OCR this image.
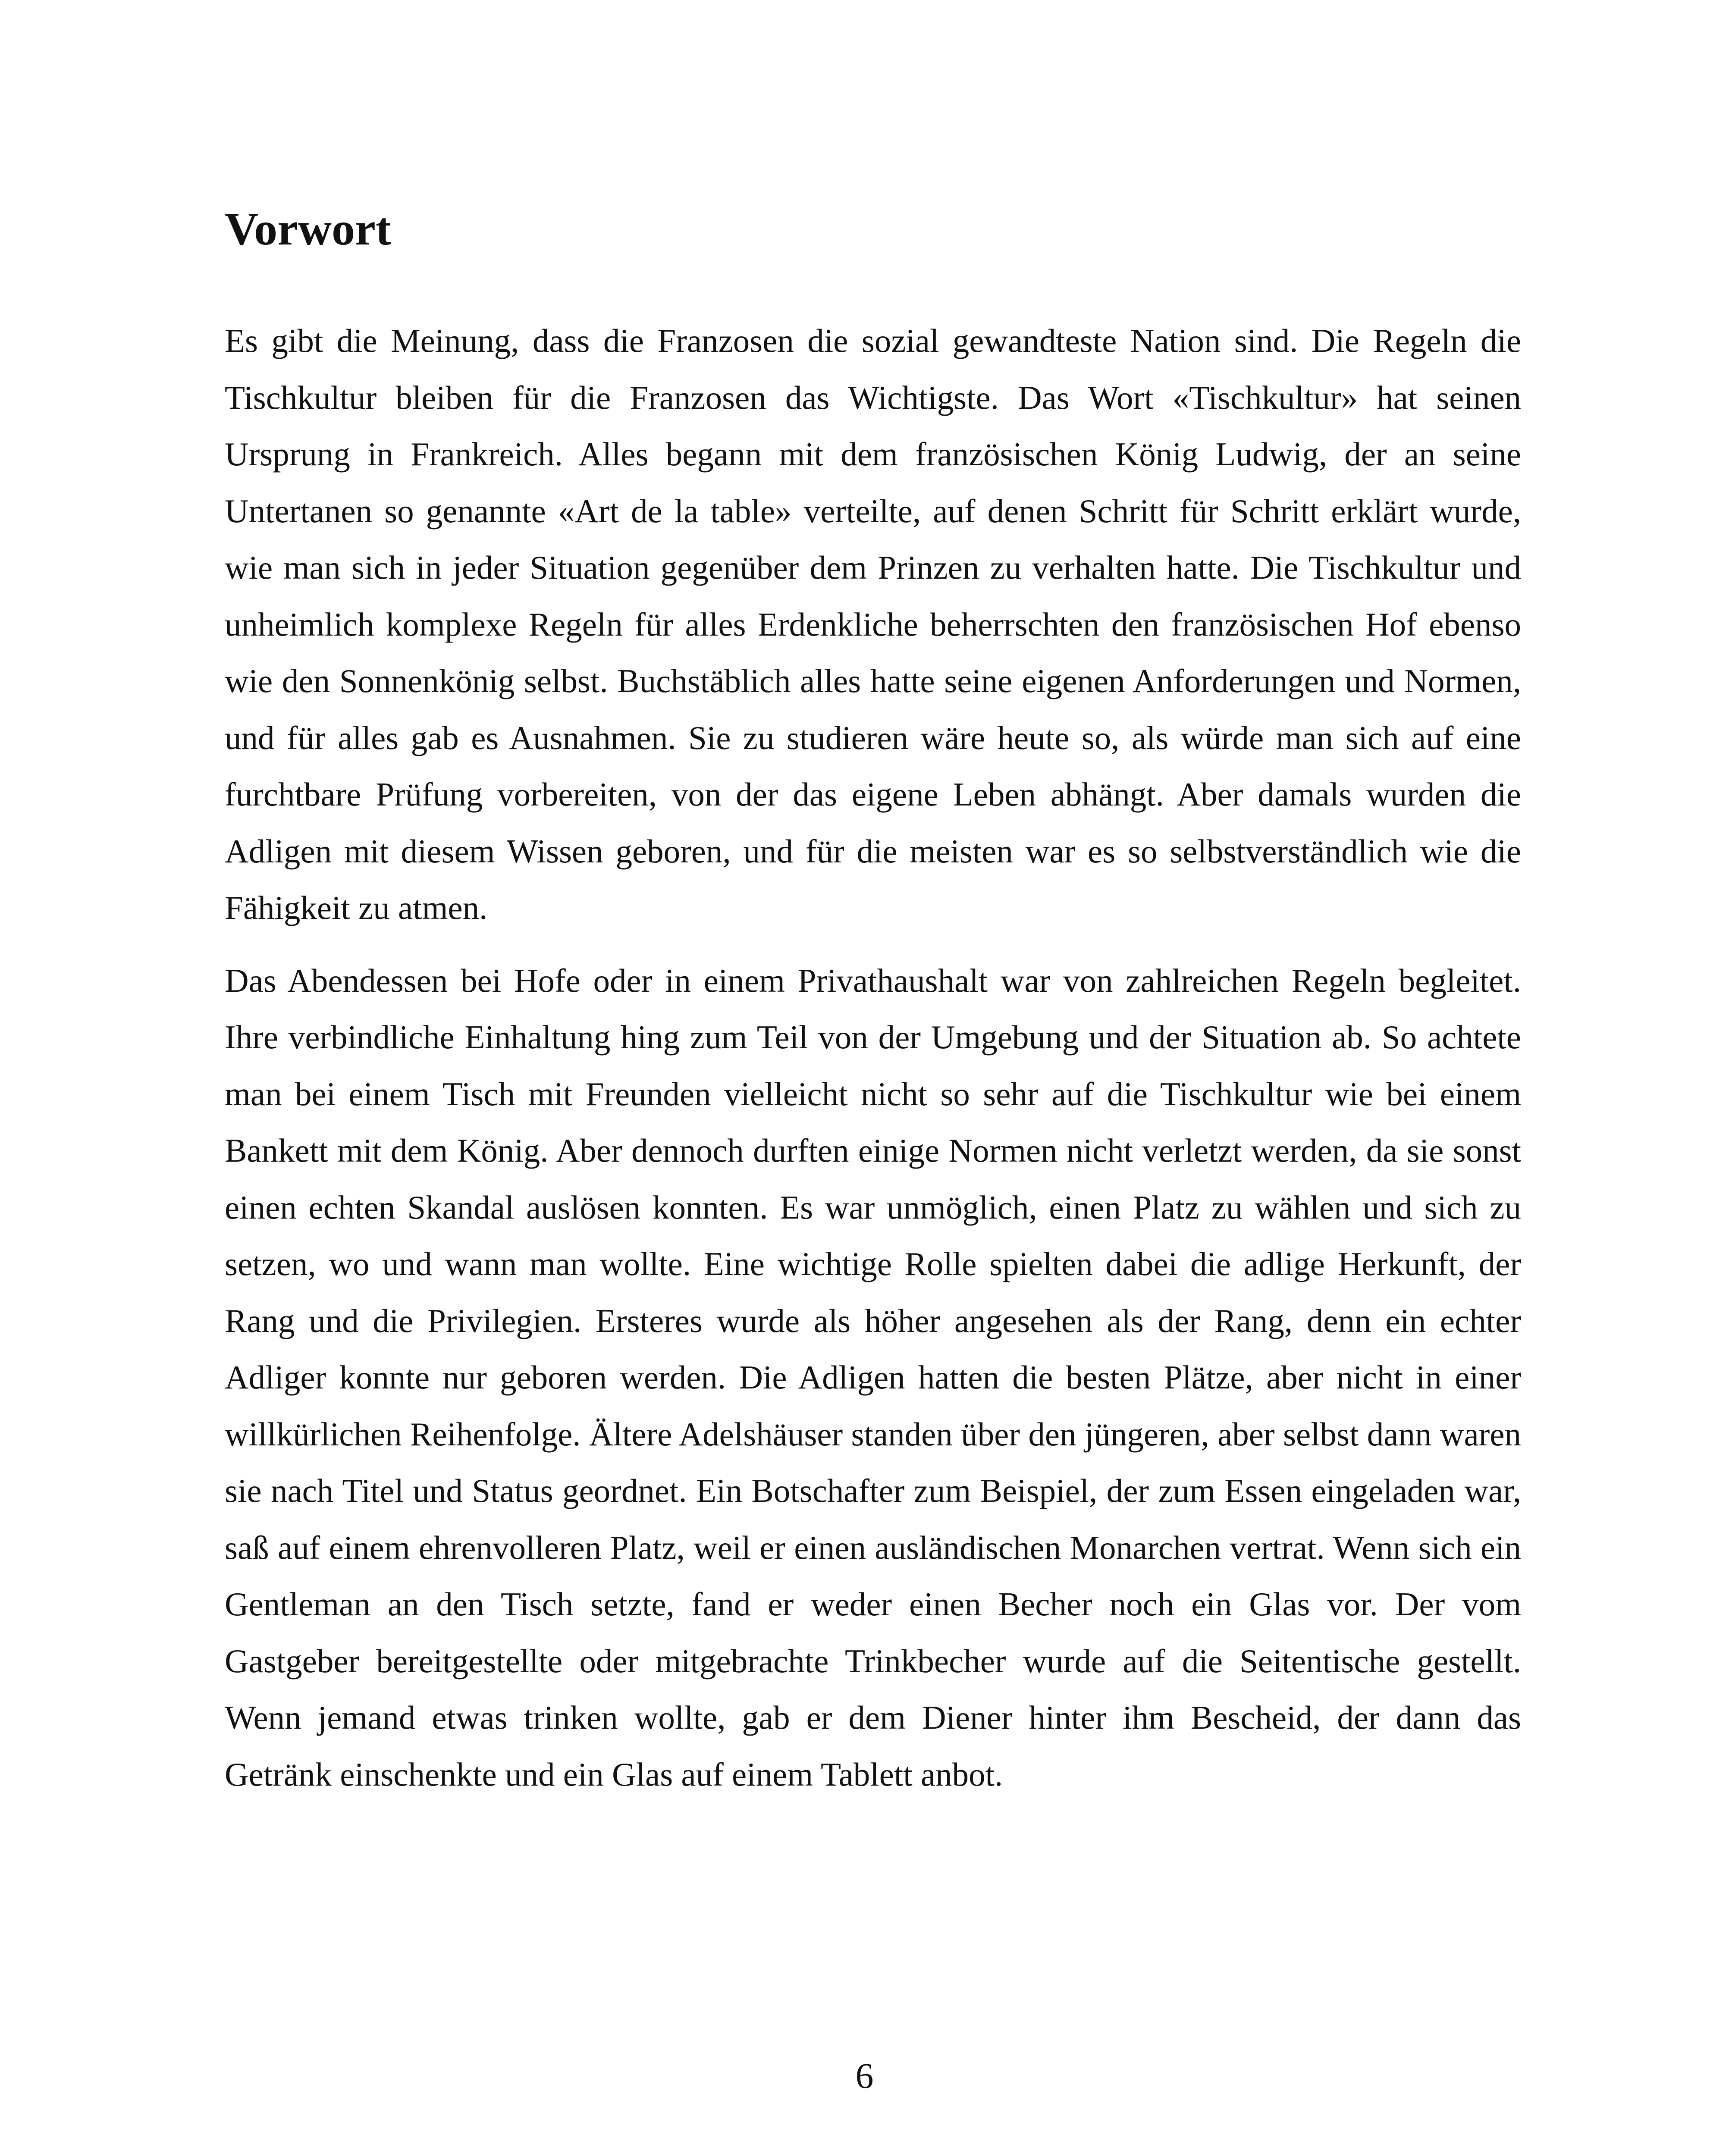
Vorwort

Es gibt die Meinung, dass die Franzosen die sozial gewandteste Nation sind. Die Regeln die Tischkultur bleiben für die Franzosen das Wichtigste. Das Wort «Tischkultur» hat seinen Ursprung in Frankreich. Alles begann mit dem französischen König Ludwig, der an seine Untertanen so genannte «Art de la table» verteilte, auf denen Schritt für Schritt erklärt wurde, wie man sich in jeder Situation gegenüber dem Prinzen zu verhalten hatte. Die Tischkultur und unheimlich komplexe Regeln für alles Erdenkliche beherrschten den französischen Hof ebenso wie den Sonnenkönig selbst. Buchstäblich alles hatte seine eigenen Anforderungen und Normen, und für alles gab es Ausnahmen. Sie zu studieren wäre heute so, als würde man sich auf eine furchtbare Prüfung vorbereiten, von der das eigene Leben abhängt. Aber damals wurden die Adligen mit diesem Wissen geboren, und für die meisten war es so selbstverständlich wie die Fähigkeit zu atmen.

Das Abendessen bei Hofe oder in einem Privathaushalt war von zahlreichen Regeln begleitet. Ihre verbindliche Einhaltung hing zum Teil von der Umgebung und der Situation ab. So achtete man bei einem Tisch mit Freunden vielleicht nicht so sehr auf die Tischkultur wie bei einem Bankett mit dem König. Aber dennoch durften einige Normen nicht verletzt werden, da sie sonst einen echten Skandal auslösen konnten. Es war unmöglich, einen Platz zu wählen und sich zu setzen, wo und wann man wollte. Eine wichtige Rolle spielten dabei die adlige Herkunft, der Rang und die Privilegien. Ersteres wurde als höher angesehen als der Rang, denn ein echter Adliger konnte nur geboren werden. Die Adligen hatten die besten Plätze, aber nicht in einer willkürlichen Reihenfolge. Ältere Adelshäuser standen über den jüngeren, aber selbst dann waren sie nach Titel und Status geordnet. Ein Botschafter zum Beispiel, der zum Essen eingeladen war, saß auf einem ehrenvolleren Platz, weil er einen ausländischen Monarchen vertrat. Wenn sich ein Gentleman an den Tisch setzte, fand er weder einen Becher noch ein Glas vor. Der vom Gastgeber bereitgestellte oder mitgebrachte Trinkbecher wurde auf die Seitentische gestellt. Wenn jemand etwas trinken wollte, gab er dem Diener hinter ihm Bescheid, der dann das Getränk einschenkte und ein Glas auf einem Tablett anbot.

6
